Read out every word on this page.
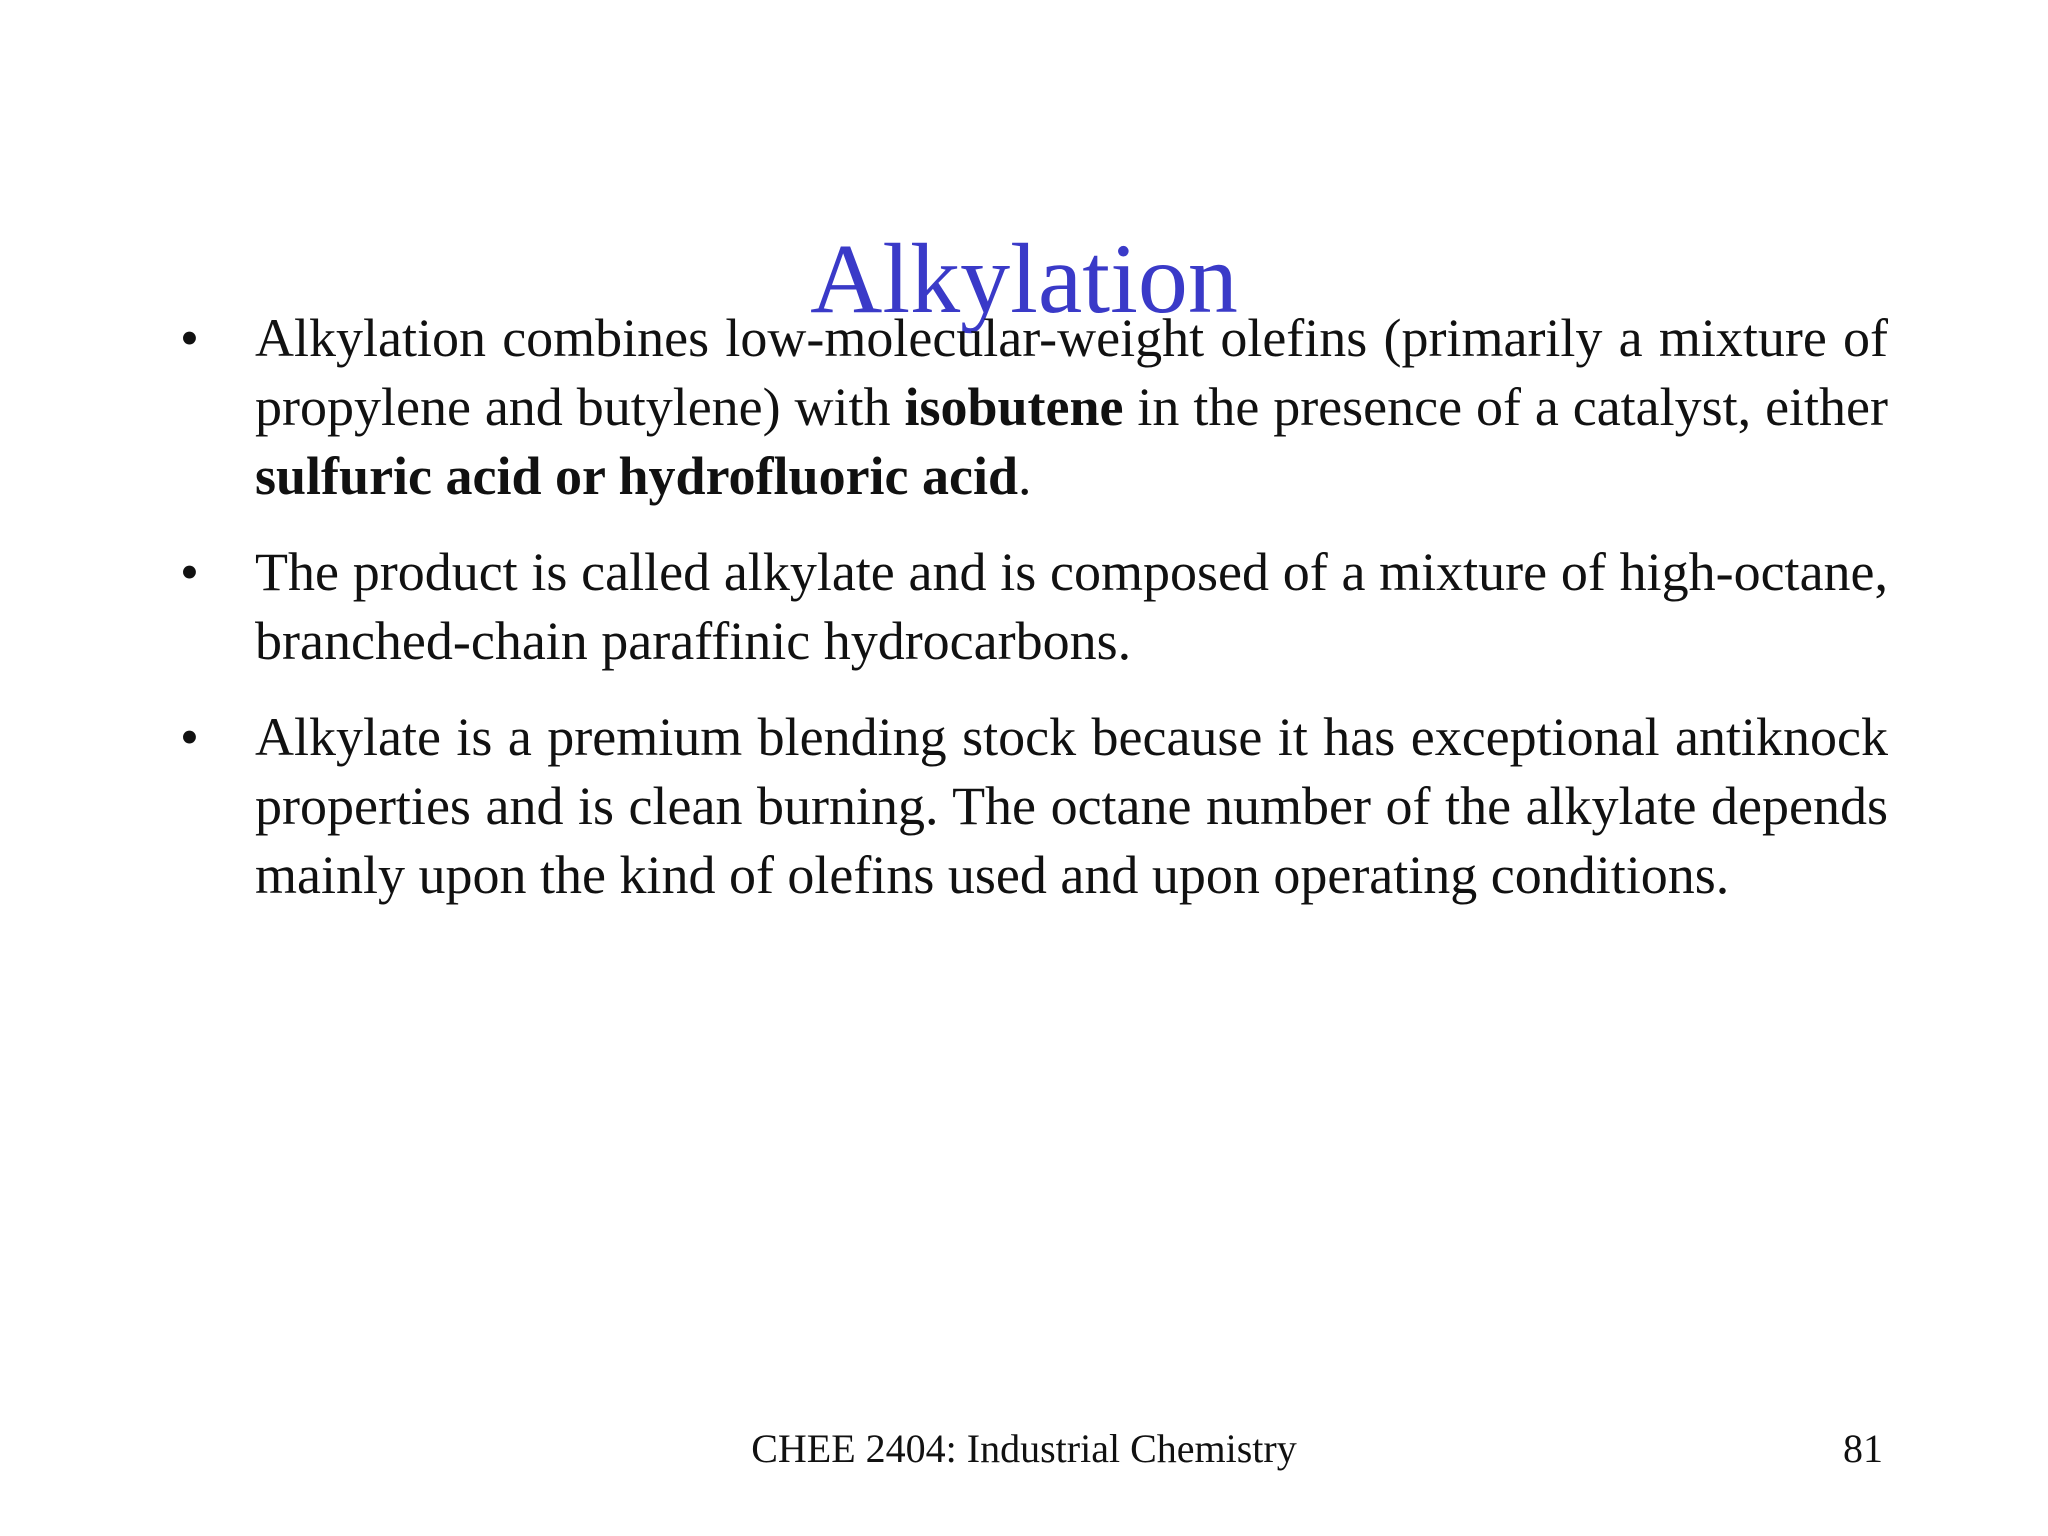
Alkylation
•	Alkylation combines low-molecular-weight olefins (primarily a mixture of propylene and butylene) with isobutene in the presence of a catalyst, either sulfuric acid or hydrofluoric acid.
•	The product is called alkylate and is composed of a mixture of high-octane, branched-chain paraffinic hydrocarbons.
•	Alkylate is a premium blending stock because it has exceptional antiknock properties and is clean burning. The octane number of the alkylate depends mainly upon the kind of olefins used and upon operating conditions.
CHEE 2404: Industrial Chemistry	81
